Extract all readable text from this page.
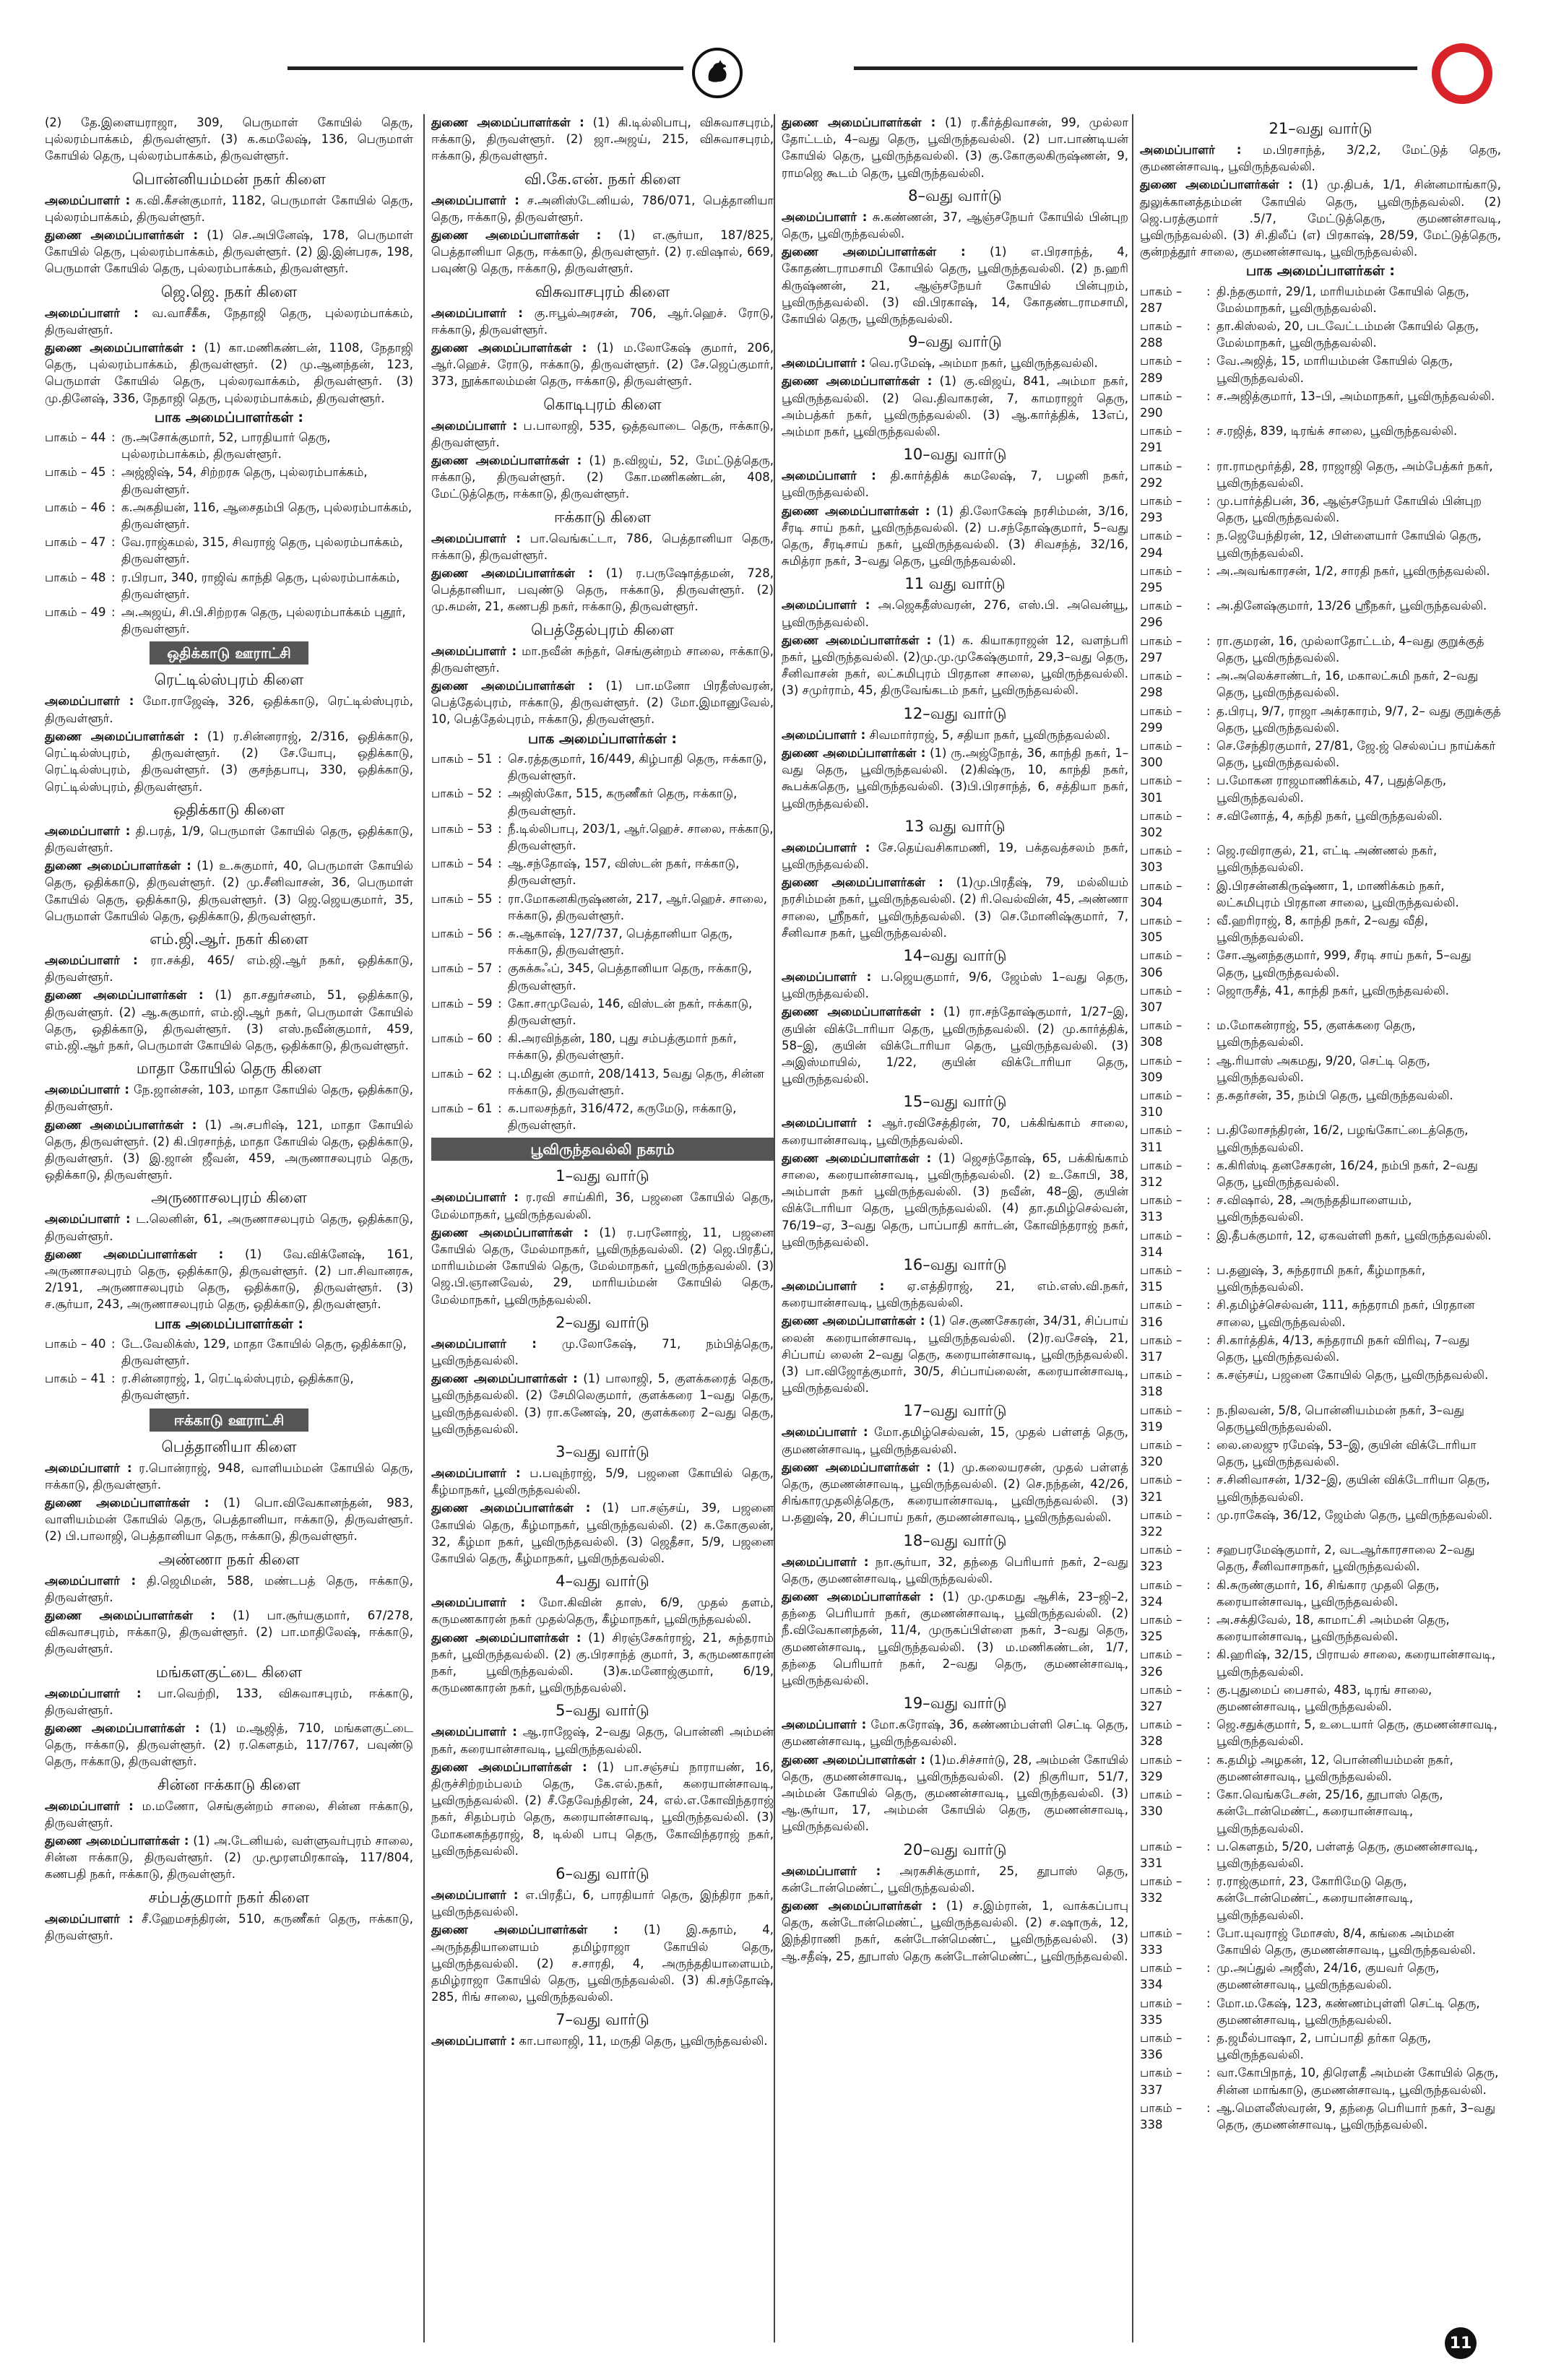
(2) தே.இளையராஜா, 309, பெருமாள் கோயில் தெரு, புல்லரம்பாக்கம், திருவள்ளூர். (3) க.கமலேஷ், 136, பெருமாள் கோயில் தெரு, புல்லரம்பாக்கம், திருவள்ளூர்.

பொன்னியம்மன் நகர் கிளை

அமைப்பாளர் : க.வி.கீசன்குமார், 1182, பெருமாள் கோயில் தெரு, புல்லரம்பாக்கம், திருவள்ளூர்.

துணை அமைப்பாளர்கள் : (1) செ.அபினேஷ், 178, பெருமாள் கோயில் தெரு, புல்லரம்பாக்கம், திருவள்ளூர். (2) இ.இன்பரசு, 198, பெருமாள் கோயில் தெரு, புல்லரம்பாக்கம், திருவள்ளூர்.

ஜெ.ஜெ. நகர் கிளை

அமைப்பாளர் : வ.வாசீகீசு, நேதாஜி தெரு, புல்லரம்பாக்கம், திருவள்ளூர்.

துணை அமைப்பாளர்கள் : (1) கா.மணிகண்டன், 1108, நேதாஜி தெரு, புல்லரம்பாக்கம், திருவள்ளூர். (2) மு.ஆனந்தன், 123, பெருமாள் கோயில் தெரு, புல்லரவாக்கம், திருவள்ளூர். (3) மு.தினேஷ், 336, நேதாஜி தெரு, புல்லரம்பாக்கம், திருவள்ளூர்.

பாக அமைப்பாளர்கள் :
பாகம் – 44 : ரு.அசோக்குமார், 52, பாரதியார் தெரு, புல்லரம்பாக்கம், திருவள்ளூர்.
பாகம் – 45 : அஜ்ஜிஷ், 54, சிற்றரசு தெரு, புல்லரம்பாக்கம், திருவள்ளூர்.
பாகம் – 46 : க.அகதியன், 116, ஆசைதம்பி தெரு, புல்லரம்பாக்கம், திருவள்ளூர்.
பாகம் – 47 : வே.ராஜ்கமல், 315, சிவராஜ் தெரு, புல்லரம்பாக்கம், திருவள்ளூர்.
பாகம் – 48 : ர.பிரபா, 340, ராஜிவ் காந்தி தெரு, புல்லரம்பாக்கம், திருவள்ளூர்.
பாகம் – 49 : அ.அஜய், சி.பி.சிற்றரசு தெரு, புல்லரம்பாக்கம் புதூர், திருவள்ளூர்.
ஒதிக்காடு ஊராட்சி
ரெட்டில்ஸ்புரம் கிளை

அமைப்பாளர் : மோ.ராஜேஷ், 326, ஒதிக்காடு, ரெட்டில்ஸ்புரம், திருவள்ளூர்.

துணை அமைப்பாளர்கள் : (1) ர.சின்னராஜ், 2/316, ஒதிக்காடு, ரெட்டில்ஸ்புரம், திருவள்ளூர். (2) சே.யோபு, ஒதிக்காடு, ரெட்டில்ஸ்புரம், திருவள்ளூர். (3) குசந்தபாபு, 330, ஒதிக்காடு, ரெட்டில்ஸ்புரம், திருவள்ளூர்.

ஒதிக்காடு கிளை

அமைப்பாளர் : தி.பரத், 1/9, பெருமாள் கோயில் தெரு, ஒதிக்காடு, திருவள்ளூர்.

துணை அமைப்பாளர்கள் : (1) உ.சுகுமார், 40, பெருமாள் கோயில் தெரு, ஒதிக்காடு, திருவள்ளூர். (2) மு.சீனிவாசன், 36, பெருமாள் கோயில் தெரு, ஒதிக்காடு, திருவள்ளூர். (3) ஜெ.ஜெயகுமார், 35, பெருமாள் கோயில் தெரு, ஒதிக்காடு, திருவள்ளூர்.

எம்.ஜி.ஆர். நகர் கிளை

அமைப்பாளர் : ரா.சக்தி, 465/ எம்.ஜி.ஆர் நகர், ஒதிக்காடு, திருவள்ளூர்.

துணை அமைப்பாளர்கள் : (1) தா.சதுர்சனம், 51, ஒதிக்காடு, திருவள்ளூர். (2) ஆ.சுகுமார், எம்.ஜி.ஆர் நகர், பெருமாள் கோயில் தெரு, ஒதிக்காடு, திருவள்ளூர். (3) எஸ்.நவீன்குமார், 459, எம்.ஜி.ஆர் நகர், பெருமாள் கோயில் தெரு, ஒதிக்காடு, திருவள்ளூர்.

மாதா கோயில் தெரு கிளை

அமைப்பாளர் : நே.ஜான்சன், 103, மாதா கோயில் தெரு, ஒதிக்காடு, திருவள்ளூர்.

துணை அமைப்பாளர்கள் : (1) அ.சபரிஷ், 121, மாதா கோயில் தெரு, திருவள்ளூர். (2) கி.பிரசாந்த், மாதா கோயில் தெரு, ஒதிக்காடு, திருவள்ளூர். (3) இ.ஜான் ஜீவன், 459, அருணாசலபுரம் தெரு, ஒதிக்காடு, திருவள்ளூர்.

அருணாசலபுரம் கிளை

அமைப்பாளர் : ட.லெனின், 61, அருணாசலபுரம் தெரு, ஒதிக்காடு, திருவள்ளூர்.

துணை அமைப்பாளர்கள் : (1) வே.விக்னேஷ், 161, அருணாசலபுரம் தெரு, ஒதிக்காடு, திருவள்ளூர். (2) பா.சிவானரசு, 2/191, அருணாசலபுரம் தெரு, ஒதிக்காடு, திருவள்ளூர். (3) ச.சூர்யா, 243, அருணாசலபுரம் தெரு, ஒதிக்காடு, திருவள்ளூர்.

பாக அமைப்பாளர்கள் :
பாகம் – 40 : டே.வேலிக்ஸ், 129, மாதா கோயில் தெரு, ஒதிக்காடு, திருவள்ளூர்.
பாகம் – 41 : ர.சின்னராஜ், 1, ரெட்டில்ஸ்புரம், ஒதிக்காடு, திருவள்ளூர்.
ஈக்காடு ஊராட்சி
பெத்தானியா கிளை

அமைப்பாளர் : ர.பொன்ராஜ், 948, வாளியம்மன் கோயில் தெரு, ஈக்காடு, திருவள்ளூர்.

துணை அமைப்பாளர்கள் : (1) பொ.விவேகானந்தன், 983, வாளியம்மன் கோயில் தெரு, பெத்தானியா, ஈக்காடு, திருவள்ளூர். (2) பி.பாலாஜி, பெத்தானியா தெரு, ஈக்காடு, திருவள்ளூர்.

அண்ணா நகர் கிளை

அமைப்பாளர் : தி.ஜெமிமன், 588, மண்டபத் தெரு, ஈக்காடு, திருவள்ளூர்.

துணை அமைப்பாளர்கள் : (1) பா.சூர்யகுமார், 67/278, விசுவாசபுரம், ஈக்காடு, திருவள்ளூர். (2) பா.மாதிலேஷ், ஈக்காடு, திருவள்ளூர்.

மங்களகுட்டை கிளை

அமைப்பாளர் : பா.வெற்றி, 133, விசுவாசபுரம், ஈக்காடு, திருவள்ளூர்.

துணை அமைப்பாளர்கள் : (1) ம.ஆஜித், 710, மங்களகுட்டை தெரு, ஈக்காடு, திருவள்ளூர். (2) ர.கௌதம், 117/767, பவுண்டு தெரு, ஈக்காடு, திருவள்ளூர்.

சின்ன ஈக்காடு கிளை

அமைப்பாளர் : ம.மணோ, செங்குன்றம் சாலை, சின்ன ஈக்காடு, திருவள்ளூர்.

துணை அமைப்பாளர்கள் : (1) அ.டேனியல், வள்ளுவர்புரம் சாலை, சின்ன ஈக்காடு, திருவள்ளூர். (2) மு.மூரளமிரகாஷ், 117/804, கணபதி நகர், ஈக்காடு, திருவள்ளூர்.

சம்பத்குமார் நகர் கிளை

அமைப்பாளர் : சீ.ஹேமசந்திரன், 510, கருணீகர் தெரு, ஈக்காடு, திருவள்ளூர்.

துணை அமைப்பாளர்கள் : (1) கி.டில்லிபாபு, விசுவாசபுரம், ஈக்காடு, திருவள்ளூர். (2) ஜா.அஜய், 215, விசுவாசபுரம், ஈக்காடு, திருவள்ளூர்.

வி.கே.என். நகர் கிளை

அமைப்பாளர் : ச.அனிஸ்டேனியல், 786/071, பெத்தானியா தெரு, ஈக்காடு, திருவள்ளூர்.

துணை அமைப்பாளர்கள் : (1) எ.சூர்யா, 187/825, பெத்தானியா தெரு, ஈக்காடு, திருவள்ளூர். (2) ர.விஷால், 669, பவுண்டு தெரு, ஈக்காடு, திருவள்ளூர்.

விசுவாசபுரம் கிளை

அமைப்பாளர் : கு.ஈபூல்அரசன், 706, ஆர்.ஹெச். ரோடு, ஈக்காடு, திருவள்ளூர்.

துணை அமைப்பாளர்கள் : (1) ம.லோகேஷ் குமார், 206, ஆர்.ஹெச். ரோடு, ஈக்காடு, திருவள்ளூர். (2) சே.ஜெப்குமார், 373, நூக்காலம்மன் தெரு, ஈக்காடு, திருவள்ளூர்.

கொடிபுரம் கிளை

அமைப்பாளர் : ப.பாலாஜி, 535, ஒத்தவாடை தெரு, ஈக்காடு, திருவள்ளூர்.

துணை அமைப்பாளர்கள் : (1) ந.விஜய், 52, மேட்டுத்தெரு, ஈக்காடு, திருவள்ளூர். (2) கோ.மணிகண்டன், 408, மேட்டுத்தெரு, ஈக்காடு, திருவள்ளூர்.

ஈக்காடு கிளை

அமைப்பாளர் : பா.வெங்கட்டா, 786, பெத்தானியா தெரு, ஈக்காடு, திருவள்ளூர்.

துணை அமைப்பாளர்கள் : (1) ர.பருஷோத்தமன், 728, பெத்தானியா, பவுண்டு தெரு, ஈக்காடு, திருவள்ளூர். (2) மு.சுமன், 21, கணபதி நகர், ஈக்காடு, திருவள்ளூர்.

பெத்தேல்புரம் கிளை

அமைப்பாளர் : மா.நவீன் சுந்தர், செங்குன்றம் சாலை, ஈக்காடு, திருவள்ளூர்.

துணை அமைப்பாளர்கள் : (1) பா.மனோ பிரதீஸ்வரன், பெத்தேல்புரம், ஈக்காடு, திருவள்ளூர். (2) மோ.இமானுவேல், 10, பெத்தேல்புரம், ஈக்காடு, திருவள்ளூர்.

பாக அமைப்பாளர்கள் :
பாகம் – 51 : செ.ரத்தகுமார், 16/449, கிழ்பாதி தெரு, ஈக்காடு, திருவள்ளூர்.
பாகம் – 52 : அஜிஸ்கோ, 515, கருணீகர் தெரு, ஈக்காடு, திருவள்ளூர்.
பாகம் – 53 : நீ.டில்லிபாபு, 203/1, ஆர்.ஹெச். சாலை, ஈக்காடு, திருவள்ளூர்.
பாகம் – 54 : ஆ.சந்தோஷ், 157, விஸ்டன் நகர், ஈக்காடு, திருவள்ளூர்.
பாகம் – 55 : ரா.மோகனகிருஷ்ணன், 217, ஆர்.ஹெச். சாலை, ஈக்காடு, திருவள்ளூர்.
பாகம் – 56 : சு.ஆகாஷ், 127/737, பெத்தானியா தெரு, ஈக்காடு, திருவள்ளூர்.
பாகம் – 57 : குசுக்சுஃப், 345, பெத்தானியா தெரு, ஈக்காடு, திருவள்ளூர்.
பாகம் – 59 : கோ.சாமுவேல், 146, விஸ்டன் நகர், ஈக்காடு, திருவள்ளூர்.
பாகம் – 60 : கி.அரவிந்தன், 180, புது சம்பத்குமார் நகர், ஈக்காடு, திருவள்ளூர்.
பாகம் – 62 : பு.மிதுன் குமார், 208/1413, 5வது தெரு, சின்ன ஈக்காடு, திருவள்ளூர்.
பாகம் – 61 : க.பாலசந்தர், 316/472, கருமேடு, ஈக்காடு, திருவள்ளூர்.
பூவிருந்தவல்லி நகரம்
1–வது வார்டு

அமைப்பாளர் : ர.ரவி சாய்கிரி, 36, பஜனை கோயில் தெரு, மேல்மாநகர், பூவிருந்தவல்லி.

துணை அமைப்பாளர்கள் : (1) ர.பரனோஜ், 11, பஜனை கோயில் தெரு, மேல்மாநகர், பூவிருந்தவல்லி. (2) ஜெ.பிரதீப், மாரியம்மன் கோயில் தெரு, மேல்மாநகர், பூவிருந்தவல்லி. (3) ஜெ.பி.ஞானவேல், 29, மாரியம்மன் கோயில் தெரு, மேல்மாநகர், பூவிருந்தவல்லி.

2–வது வார்டு

அமைப்பாளர் : மு.லோகேஷ், 71, நம்பித்தெரு, பூவிருந்தவல்லி.

துணை அமைப்பாளர்கள் : (1) பாலாஜி, 5, குளக்கரைத் தெரு, பூவிருந்தவல்லி. (2) சேமிலெகுமார், குளக்கரை 1–வது தெரு, பூவிருந்தவல்லி. (3) ரா.கணேஷ், 20, குளக்கரை 2–வது தெரு, பூவிருந்தவல்லி.

3–வது வார்டு

அமைப்பாளர் : ப.பவுந்ராஜ், 5/9, பஜனை கோயில் தெரு, கீழ்மாநகர், பூவிருந்தவல்லி.

துணை அமைப்பாளர்கள் : (1) பா.சஞ்சய், 39, பஜனை கோயில் தெரு, கீழ்மாநகர், பூவிருந்தவல்லி. (2) க.கோகுலன், 32, கீழ்மா நகர், பூவிருந்தவல்லி. (3) ஜெதீசா, 5/9, பஜனை கோயில் தெரு, கீழ்மாநகர், பூவிருந்தவல்லி.

4–வது வார்டு

அமைப்பாளர் : மோ.கிவின் தாஸ், 6/9, முதல் தளம், கருமணகாரன் நகர் முதல்தெரு, கீழ்மாநகர், பூவிருந்தவல்லி.

துணை அமைப்பாளர்கள் : (1) சிரஞ்சேகர்ராஜ், 21, சுந்தராம் நகர், பூவிருந்தவல்லி. (2) கு.பிரசாந்த் குமார், 3, கருமணகாரன் நகர், பூவிருந்தவல்லி. (3)சு.மனோஜ்குமார், 6/19, கருமணகாரன் நகர், பூவிருந்தவல்லி.

5–வது வார்டு

அமைப்பாளர் : ஆ.ராஜேஷ், 2–வது தெரு, பொன்னி அம்மன் நகர், கரையான்சாவடி, பூவிருந்தவல்லி.

துணை அமைப்பாளர்கள் : (1) பா.சஞ்சய் நாராயண், 16, திருச்சிற்றம்பலம் தெரு, கே.எல்.நகர், கரையான்சாவடி, பூவிருந்தவல்லி. (2) சீ.தேவேந்திரன், 24, எல்.எ.கோவிந்தராஜ் நகர், சிதம்பரம் தெரு, கரையான்சாவடி, பூவிருந்தவல்லி. (3) மோகனகந்தராஜ், 8, டில்லி பாபு தெரு, கோவிந்தராஜ் நகர், பூவிருந்தவல்லி.

6–வது வார்டு

அமைப்பாளர் : எ.பிரதீப், 6, பாரதியார் தெரு, இந்திரா நகர், பூவிருந்தவல்லி.

துணை அமைப்பாளர்கள் : (1) இ.சுதாம், 4, அருந்ததியாளையம் தமிழ்ராஜா கோயில் தெரு, பூவிருந்தவல்லி. (2) ச.சாரதி, 4, அருந்ததியாளையம், தமிழ்ராஜா கோயில் தெரு, பூவிருந்தவல்லி. (3) கி.சந்தோஷ், 285, ரிங் சாலை, பூவிருந்தவல்லி.

7–வது வார்டு

அமைப்பாளர் : கா.பாலாஜி, 11, மருதி தெரு, பூவிருந்தவல்லி.

துணை அமைப்பாளர்கள் : (1) ர.கீர்த்திவாசன், 99, முல்லா தோட்டம், 4–வது தெரு, பூவிருந்தவல்லி. (2) பா.பாண்டியன் கோயில் தெரு, பூவிருந்தவல்லி. (3) கு.கோகுலகிருஷ்ணன், 9, ராமஜெ கூடம் தெரு, பூவிருந்தவல்லி.

8–வது வார்டு

அமைப்பாளர் : சு.கண்ணன், 37, ஆஞ்சநேயர் கோயில் பின்புற தெரு, பூவிருந்தவல்லி.

துணை அமைப்பாளர்கள் : (1) எ.பிரசாந்த், 4, கோதண்டராமசாமி கோயில் தெரு, பூவிருந்தவல்லி. (2) ந.ஹரி கிருஷ்ணன், 21, ஆஞ்சநேயர் கோயில் பின்புறம், பூவிருந்தவல்லி. (3) வி.பிரகாஷ், 14, கோதண்டராமசாமி, கோயில் தெரு, பூவிருந்தவல்லி.

9–வது வார்டு

அமைப்பாளர் : வெ.ரமேஷ், அம்மா நகர், பூவிருந்தவல்லி.

துணை அமைப்பாளர்கள் : (1) கு.விஜய், 841, அம்மா நகர், பூவிருந்தவல்லி. (2) வெ.திவாகரன், 7, காமராஜர் தெரு, அம்பத்கர் நகர், பூவிருந்தவல்லி. (3) ஆ.கார்த்திக், 13எப், அம்மா நகர், பூவிருந்தவல்லி.

10–வது வார்டு

அமைப்பாளர் : தி.கார்த்திக் கமலேஷ், 7, பழனி நகர், பூவிருந்தவல்லி.

துணை அமைப்பாளர்கள் : (1) தி.லோகேஷ் நரசிம்மன், 3/16, சீரடி சாய் நகர், பூவிருந்தவல்லி. (2) ப.சந்தோஷ்குமார், 5–வது தெரு, சீரடிசாய் நகர், பூவிருந்தவல்லி. (3) சிவசந்த், 32/16, சுமித்ரா நகர், 3–வது தெரு, பூவிருந்தவல்லி.

11 வது வார்டு

அமைப்பாளர் : அ.ஜெகதீஸ்வரன், 276, எஸ்.பி. அவென்யூ, பூவிருந்தவல்லி.

துணை அமைப்பாளர்கள் : (1) க. கியாகராஜன் 12, வளந்பரி நகர், பூவிருந்தவல்லி. (2)மு.மு.முகேஷ்குமார், 29,3–வது தெரு, சீனிவாசன் நகர், லட்சுமிபுரம் பிரதான சாலை, பூவிருந்தவல்லி. (3) சமுர்ராம், 45, திருவேங்கடம் நகர், பூவிருந்தவல்லி.

12–வது வார்டு

அமைப்பாளர் : சிவமார்ராஜ், 5, சதியா நகர், பூவிருந்தவல்லி.

துணை அமைப்பாளர்கள் : (1) ரு.அஜ்நோத், 36, காந்தி நகர், 1–வது தெரு, பூவிருந்தவல்லி. (2)கிஷ்ரு, 10, காந்தி நகர், கூபக்கதெரு, பூவிருந்தவல்லி. (3)பி.பிரசாந்த், 6, சத்தியா நகர், பூவிருந்தவல்லி.

13 வது வார்டு

அமைப்பாளர் : சே.தெய்வசிகாமணி, 19, பக்தவத்சலம் நகர், பூவிருந்தவல்லி.

துணை அமைப்பாளர்கள் : (1)மு.பிரதீஷ், 79, மல்லியம் நரசிம்மன் நகர், பூவிருந்தவல்லி. (2) ரி.வெல்வின், 45, அண்ணா சாலை, ஸ்ரீநகர், பூவிருந்தவல்லி. (3) செ.மோனிஷ்குமார், 7, சீனிவாச நகர், பூவிருந்தவல்லி.

14–வது வார்டு

அமைப்பாளர் : ப.ஜெயகுமார், 9/6, ஜேம்ஸ் 1–வது தெரு, பூவிருந்தவல்லி.

துணை அமைப்பாளர்கள் : (1) ரா.சந்தோஷ்குமார், 1/27–இ, குயின் விக்டோரியா தெரு, பூவிருந்தவல்லி. (2) மு.கார்த்திக், 58–இ, குயின் விக்டோரியா தெரு, பூவிருந்தவல்லி. (3) அஇஸ்மாயில், 1/22, குயின் விக்டோரியா தெரு, பூவிருந்தவல்லி.

15–வது வார்டு

அமைப்பாளர் : ஆர்.ரவிசேத்திரன், 70, பக்கிங்காம் சாலை, கரையான்சாவடி, பூவிருந்தவல்லி.

துணை அமைப்பாளர்கள் : (1) ஜெசந்தோஷ், 65, பக்கிங்காம் சாலை, கரையான்சாவடி, பூவிருந்தவல்லி. (2) உ.கோபி, 38, அம்பாள் நகர் பூவிருந்தவல்லி. (3) நவீன், 48–இ, குயின் விக்டோரியா தெரு, பூவிருந்தவல்லி. (4) தா.தமிழ்செல்வன், 76/19–ஏ, 3–வது தெரு, பாப்பாதி கார்டன், கோவிந்தராஜ் நகர், பூவிருந்தவல்லி.

16–வது வார்டு

அமைப்பாளர் : ஏ.எத்திராஜ், 21, எம்.எஸ்.வி.நகர், கரையான்சாவடி, பூவிருந்தவல்லி.

துணை அமைப்பாளர்கள் : (1) செ.குணசேகரன், 34/31, சிப்பாய் லைன் கரையான்சாவடி, பூவிருந்தவல்லி. (2)ர.வசேஷ், 21, சிப்பாய் லைன் 2–வது தெரு, கரையான்சாவடி, பூவிருந்தவல்லி. (3) பா.விஜோத்குமார், 30/5, சிப்பாய்லைன், கரையான்சாவடி, பூவிருந்தவல்லி.

17–வது வார்டு

அமைப்பாளர் : மோ.தமிழ்செல்வன், 15, முதல் பள்ளத் தெரு, குமணன்சாவடி, பூவிருந்தவல்லி.

துணை அமைப்பாளர்கள் : (1) மு.கலையரசன், முதல் பள்ளத் தெரு, குமணன்சாவடி, பூவிருந்தவல்லி. (2) செ.நந்தன், 42/26, சிங்காரமுதலித்தெரு, கரையான்சாவடி, பூவிருந்தவல்லி. (3) ப.தனுஷ், 20, சிப்பாய் நகர், குமணன்சாவடி, பூவிருந்தவல்லி.

18–வது வார்டு

அமைப்பாளர் : நா.சூர்யா, 32, தந்தை பெரியார் நகர், 2–வது தெரு, குமணன்சாவடி, பூவிருந்தவல்லி.

துணை அமைப்பாளர்கள் : (1) மு.முகமது ஆசிக், 23–ஜி–2, தந்தை பெரியார் நகர், குமணன்சாவடி, பூவிருந்தவல்லி. (2) நீ.விவேகானந்தன், 11/4, முருகப்பிள்ளை நகர், 3–வது தெரு, குமணன்சாவடி, பூவிருந்தவல்லி. (3) ம.மணிகண்டன், 1/7, தந்தை பெரியார் நகர், 2–வது தெரு, குமணன்சாவடி, பூவிருந்தவல்லி.

19–வது வார்டு

அமைப்பாளர் : மோ.கரோஷ், 36, கண்ணம்பள்ளி செட்டி தெரு, குமணன்சாவடி, பூவிருந்தவல்லி.

துணை அமைப்பாளர்கள் : (1)ம.சிச்சார்டு, 28, அம்மன் கோயில் தெரு, குமணன்சாவடி, பூவிருந்தவல்லி. (2) நிகுரியா, 51/7, அம்மன் கோயில் தெரு, குமணன்சாவடி, பூவிருந்தவல்லி. (3) ஆ.சூர்யா, 17, அம்மன் கோயில் தெரு, குமணன்சாவடி, பூவிருந்தவல்லி.

20–வது வார்டு

அமைப்பாளர் : அரசுசிக்குமார், 25, தூபாஸ் தெரு, கன்டோன்மெண்ட், பூவிருந்தவல்லி.

துணை அமைப்பாளர்கள் : (1) ச.இம்ரான், 1, வாக்கப்பாபு தெரு, கன்டோன்மெண்ட், பூவிருந்தவல்லி. (2) ச.ஷாருக், 12, இந்திராணி நகர், கன்டோன்மெண்ட், பூவிருந்தவல்லி. (3) ஆ.சதீஷ், 25, தூபாஸ் தெரு கன்டோன்மெண்ட், பூவிருந்தவல்லி.

21–வது வார்டு

அமைப்பாளர் : ம.பிரசாந்த், 3/2,2, மேட்டுத் தெரு, குமணன்சாவடி, பூவிருந்தவல்லி.

துணை அமைப்பாளர்கள் : (1) மு.திபக், 1/1, சின்னமாங்காடு, துலுக்கானத்தம்மன் கோயில் தெரு, பூவிருந்தவல்லி. (2) ஜெ.பரத்குமார் .5/7, மேட்டுத்தெரு, குமணன்சாவடி, பூவிருந்தவல்லி. (3) சி.திலீப் (எ) பிரகாஷ், 28/59, மேட்டுத்தெரு, குன்றத்தூர் சாலை, குமணன்சாவடி, பூவிருந்தவல்லி.

பாக அமைப்பாளர்கள் :
பாகம் – 287
: தி.ந்தகுமார், 29/1, மாரியம்மன் கோயில் தெரு, மேல்மாநகர், பூவிருந்தவல்லி.
பாகம் – 288
: தா.கிஸ்லல், 20, படவேட்டம்மன் கோயில் தெரு, மேல்மாநகர், பூவிருந்தவல்லி.
பாகம் – 289
: வே.அஜித், 15, மாரியம்மன் கோயில் தெரு, பூவிருந்தவல்லி.
பாகம் – 290
: ச.அஜித்குமார், 13–பி, அம்மாநகர், பூவிருந்தவல்லி.
பாகம் – 291
: ச.ரஜித், 839, டிரங்க் சாலை, பூவிருந்தவல்லி.
பாகம் – 292
: ரா.ராமமூர்த்தி, 28, ராஜாஜி தெரு, அம்பேத்கர் நகர், பூவிருந்தவல்லி.
பாகம் – 293
: மு.பார்த்திபன், 36, ஆஞ்சநேயர் கோயில் பின்புற தெரு, பூவிருந்தவல்லி.
பாகம் – 294
: ந.ஜெயேந்திரன், 12, பிள்ளையார் கோயில் தெரு, பூவிருந்தவல்லி.
பாகம் – 295
: அ.அவங்காரசன், 1/2, சாரதி நகர், பூவிருந்தவல்லி.
பாகம் – 296
: அ.தினேஷ்குமார், 13/26 ஸ்ரீநகர், பூவிருந்தவல்லி.
பாகம் – 297
: ரா.குமரன், 16, முல்லாதோட்டம், 4–வது குறுக்குத் தெரு, பூவிருந்தவல்லி.
பாகம் – 298
: அ.அலெக்சாண்டர், 16, மகாலட்சுமி நகர், 2–வது தெரு, பூவிருந்தவல்லி.
பாகம் – 299
: த.பிரபு, 9/7, ராஜா அக்ரகாரம், 9/7, 2– வது குறுக்குத் தெரு, பூவிருந்தவல்லி.
பாகம் – 300
: செ.சேந்திரகுமார், 27/81, ஜே.ஜ் செல்லப்ப நாய்க்கர் தெரு, பூவிருந்தவல்லி.
பாகம் – 301
: ப.மோகன ராஜமாணிக்கம், 47, புதுத்தெரு, பூவிருந்தவல்லி.
பாகம் – 302
: ச.வினோத், 4, கந்தி நகர், பூவிருந்தவல்லி.
பாகம் – 303
: ஜெ.ரவிராகுல், 21, எட்டி அண்ணல் நகர், பூவிருந்தவல்லி.
பாகம் – 304
: இ.பிரசன்னகிருஷ்ணா, 1, மாணிக்கம் நகர், லட்சுமிபுரம் பிரதான சாலை, பூவிருந்தவல்லி.
பாகம் – 305
: வீ.ஹரிராஜ், 8, காந்தி நகர், 2–வது வீதி, பூவிருந்தவல்லி.
பாகம் – 306
: சோ.ஆனந்தகுமார், 999, சீரடி சாய் நகர், 5–வது தெரு, பூவிருந்தவல்லி.
பாகம் – 307
: ஜொருசீத், 41, காந்தி நகர், பூவிருந்தவல்லி.
பாகம் – 308
: ம.மோகன்ராஜ், 55, குளக்கரை தெரு, பூவிருந்தவல்லி.
பாகம் – 309
: ஆ.ரியாஸ் அகமது, 9/20, செட்டி தெரு, பூவிருந்தவல்லி.
பாகம் – 310
: த.சுதர்சன், 35, நம்பி தெரு, பூவிருந்தவல்லி.
பாகம் – 311
: ப.திலோசந்திரன், 16/2, பழங்கோட்டைத்தெரு, பூவிருந்தவல்லி.
பாகம் – 312
: க.கிரிஸ்டி தனசேகரன், 16/24, நம்பி நகர், 2–வது தெரு, பூவிருந்தவல்லி.
பாகம் – 313
: ச.விஷால், 28, அருந்ததியாளையம், பூவிருந்தவல்லி.
பாகம் – 314
: இ.தீபக்குமார், 12, ஏகவள்ளி நகர், பூவிருந்தவல்லி.
பாகம் – 315
: ப.தனுஷ், 3, சுந்தராமி நகர், கீழ்மாநகர், பூவிருந்தவல்லி.
பாகம் – 316
: சி.தமிழ்ச்செல்வன், 111, சுந்தராமி நகர், பிரதான சாலை, பூவிருந்தவல்லி.
பாகம் – 317
: சி.கார்த்திக், 4/13, சுந்தராமி நகர் விரிவு, 7–வது தெரு, பூவிருந்தவல்லி.
பாகம் – 318
: க.சஞ்சய், பஜனை கோயில் தெரு, பூவிருந்தவல்லி.
பாகம் – 319
: ந.நிலவன், 5/8, பொன்னியம்மன் நகர், 3–வது தெருபூவிருந்தவல்லி.
பாகம் – 320
: லை.லைஜு ரமேஷ், 53–இ, குயின் விக்டோரியா தெரு, பூவிருந்தவல்லி.
பாகம் – 321
: ச.சினிவாசன், 1/32–இ, குயின் விக்டோரியா தெரு, பூவிருந்தவல்லி.
பாகம் – 322
: மு.ராகேஷ், 36/12, ஜேம்ஸ் தெரு, பூவிருந்தவல்லி.
பாகம் – 323
: சஹபரமேஷ்குமார், 2, வடஆர்காரசாலை 2–வது தெரு, சீனிவாசாநகர், பூவிருந்தவல்லி.
பாகம் – 324
: கி.சுருண்குமார், 16, சிங்கார முதலி தெரு, கரையான்சாவடி, பூவிருந்தவல்லி.
பாகம் – 325
: அ.சக்திவேல், 18, காமாட்சி அம்மன் தெரு, கரையான்சாவடி, பூவிருந்தவல்லி.
பாகம் – 326
: கி.ஹரிஷ், 32/15, பிராயல் சாலை, கரையான்சாவடி, பூவிருந்தவல்லி.
பாகம் – 327
: கு.புதுமைப் பைசால், 483, டிரங் சாலை, குமணன்சாவடி, பூவிருந்தவல்லி.
பாகம் – 328
: ஜெ.சதுக்குமார், 5, உடையார் தெரு, குமணன்சாவடி, பூவிருந்தவல்லி.
பாகம் – 329
: க.தமிழ் அழகன், 12, பொன்னியம்மன் நகர், குமணன்சாவடி, பூவிருந்தவல்லி.
பாகம் – 330
: கோ.வெங்கடேசன், 25/16, தூபாஸ் தெரு, கன்டோன்மெண்ட், கரையான்சாவடி, பூவிருந்தவல்லி.
பாகம் – 331
: ப.கௌதம், 5/20, பள்ளத் தெரு, குமணன்சாவடி, பூவிருந்தவல்லி.
பாகம் – 332
: ர.ராஜ்குமார், 23, கோரிமேடு தெரு, கன்டோன்மெண்ட், கரையான்சாவடி, பூவிருந்தவல்லி.
பாகம் – 333
: போ.யுவராஜ் மோசஸ், 8/4, கங்கை அம்மன் கோயில் தெரு, குமணன்சாவடி, பூவிருந்தவல்லி.
பாகம் – 334
: மு.அப்துல் அஜீஸ், 24/16, குயவர் தெரு, குமணன்சாவடி, பூவிருந்தவல்லி.
பாகம் – 335
: மோ.ம.கேஷ், 123, கண்ணம்புள்ளி செட்டி தெரு, குமணன்சாவடி, பூவிருந்தவல்லி.
பாகம் – 336
: த.ஜமீல்பாஷா, 2, பாப்பாதி தர்கா தெரு, பூவிருந்தவல்லி.
பாகம் – 337
: வா.கோபிநாத், 10, திரௌதீ அம்மன் கோயில் தெரு, சின்ன மாங்காடு, குமணன்சாவடி, பூவிருந்தவல்லி.
பாகம் – 338
: ஆ.மௌலீஸ்வரன், 9, தந்தை பெரியார் நகர், 3–வது தெரு, குமணன்சாவடி, பூவிருந்தவல்லி.
11
